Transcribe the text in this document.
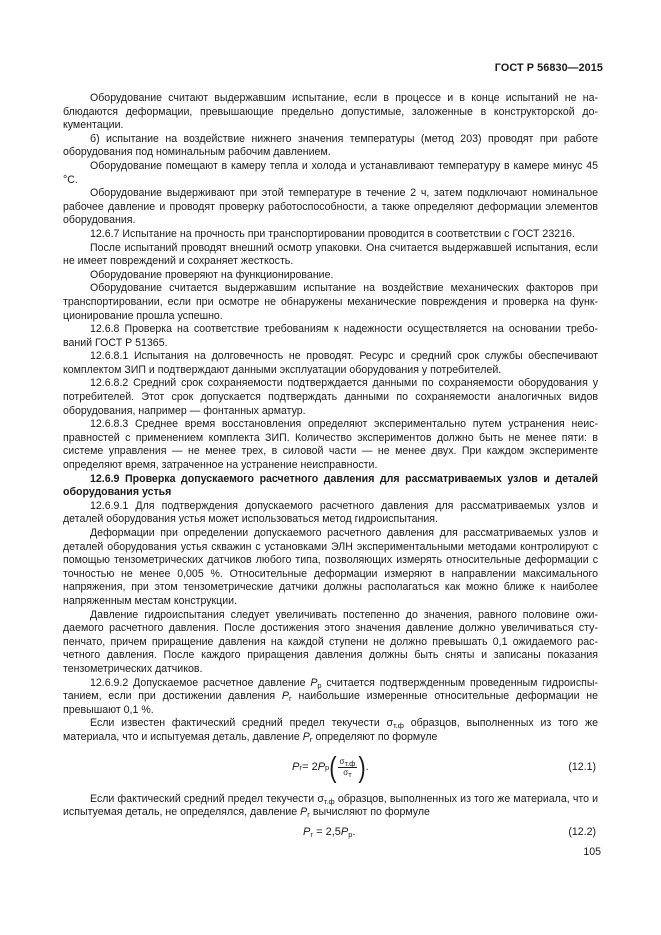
ГОСТ Р 56830—2015

Оборудование считают выдержавшим испытание, если в процессе и в конце испытаний не наблюдаются деформации, превышающие предельно допустимые, заложенные в конструкторской документации.

б) испытание на воздействие нижнего значения температуры (метод 203) проводят при работе оборудования под номинальным рабочим давлением.

Оборудование помещают в камеру тепла и холода и устанавливают температуру в камере минус 45 °С.

Оборудование выдерживают при этой температуре в течение 2 ч, затем подключают номинальное рабочее давление и проводят проверку работоспособности, а также определяют деформации элементов оборудования.

12.6.7 Испытание на прочность при транспортировании проводится в соответствии с ГОСТ 23216.

После испытаний проводят внешний осмотр упаковки. Она считается выдержавшей испытания, если не имеет повреждений и сохраняет жесткость.

Оборудование проверяют на функционирование.

Оборудование считается выдержавшим испытание на воздействие механических факторов при транспортировании, если при осмотре не обнаружены механические повреждения и проверка на функционирование прошла успешно.

12.6.8 Проверка на соответствие требованиям к надежности осуществляется на основании требований ГОСТ Р 51365.

12.6.8.1 Испытания на долговечность не проводят. Ресурс и средний срок службы обеспечивают комплектом ЗИП и подтверждают данными эксплуатации оборудования у потребителей.

12.6.8.2 Средний срок сохраняемости подтверждается данными по сохраняемости оборудования у потребителей. Этот срок допускается подтверждать данными по сохраняемости аналогичных видов оборудования, например — фонтанных арматур.

12.6.8.3 Среднее время восстановления определяют экспериментально путем устранения неисправностей с применением комплекта ЗИП. Количество экспериментов должно быть не менее пяти: в системе управления — не менее трех, в силовой части — не менее двух. При каждом эксперименте определяют время, затраченное на устранение неисправности.

12.6.9 Проверка допускаемого расчетного давления для рассматриваемых узлов и деталей оборудования устья

12.6.9.1 Для подтверждения допускаемого расчетного давления для рассматриваемых узлов и деталей оборудования устья может использоваться метод гидроиспытания.

Деформации при определении допускаемого расчетного давления для рассматриваемых узлов и деталей оборудования устья скважин с установками ЭЛН экспериментальными методами контролируют с помощью тензометрических датчиков любого типа, позволяющих измерять относительные деформации с точностью не менее 0,005 %. Относительные деформации измеряют в направлении максимального напряжения, при этом тензометрические датчики должны располагаться как можно ближе к наиболее напряженным местам конструкции.

Давление гидроиспытания следует увеличивать постепенно до значения, равного половине ожидаемого расчетного давления. После достижения этого значения давление должно увеличиваться ступенчато, причем приращение давления на каждой ступени не должно превышать 0,1 ожидаемого расчетного давления. После каждого приращения давления должны быть сняты и записаны показания тензометрических датчиков.

12.6.9.2 Допускаемое расчетное давление $P_p$ считается подтвержденным проведенным гидроиспытанием, если при достижении давления $P_г$ наибольшие измеренные относительные деформации не превышают 0,1 %.

Если известен фактический средний предел текучести $\sigma_{т.ф}$ образцов, выполненных из того же материала, что и испытуемая деталь, давление $P_г$ определяют по формуле

P г = 2 P р ( $\frac{\sigma_{т.ф}}{\sigma_т}$ ) .	(12.1)

Если фактический средний предел текучести $\sigma_{т.ф}$ образцов, выполненных из того же материала, что и испытуемая деталь, не определялся, давление $P_г$ вычисляют по формуле

$P_г = 2,5P_р$.	(12.2)
105
